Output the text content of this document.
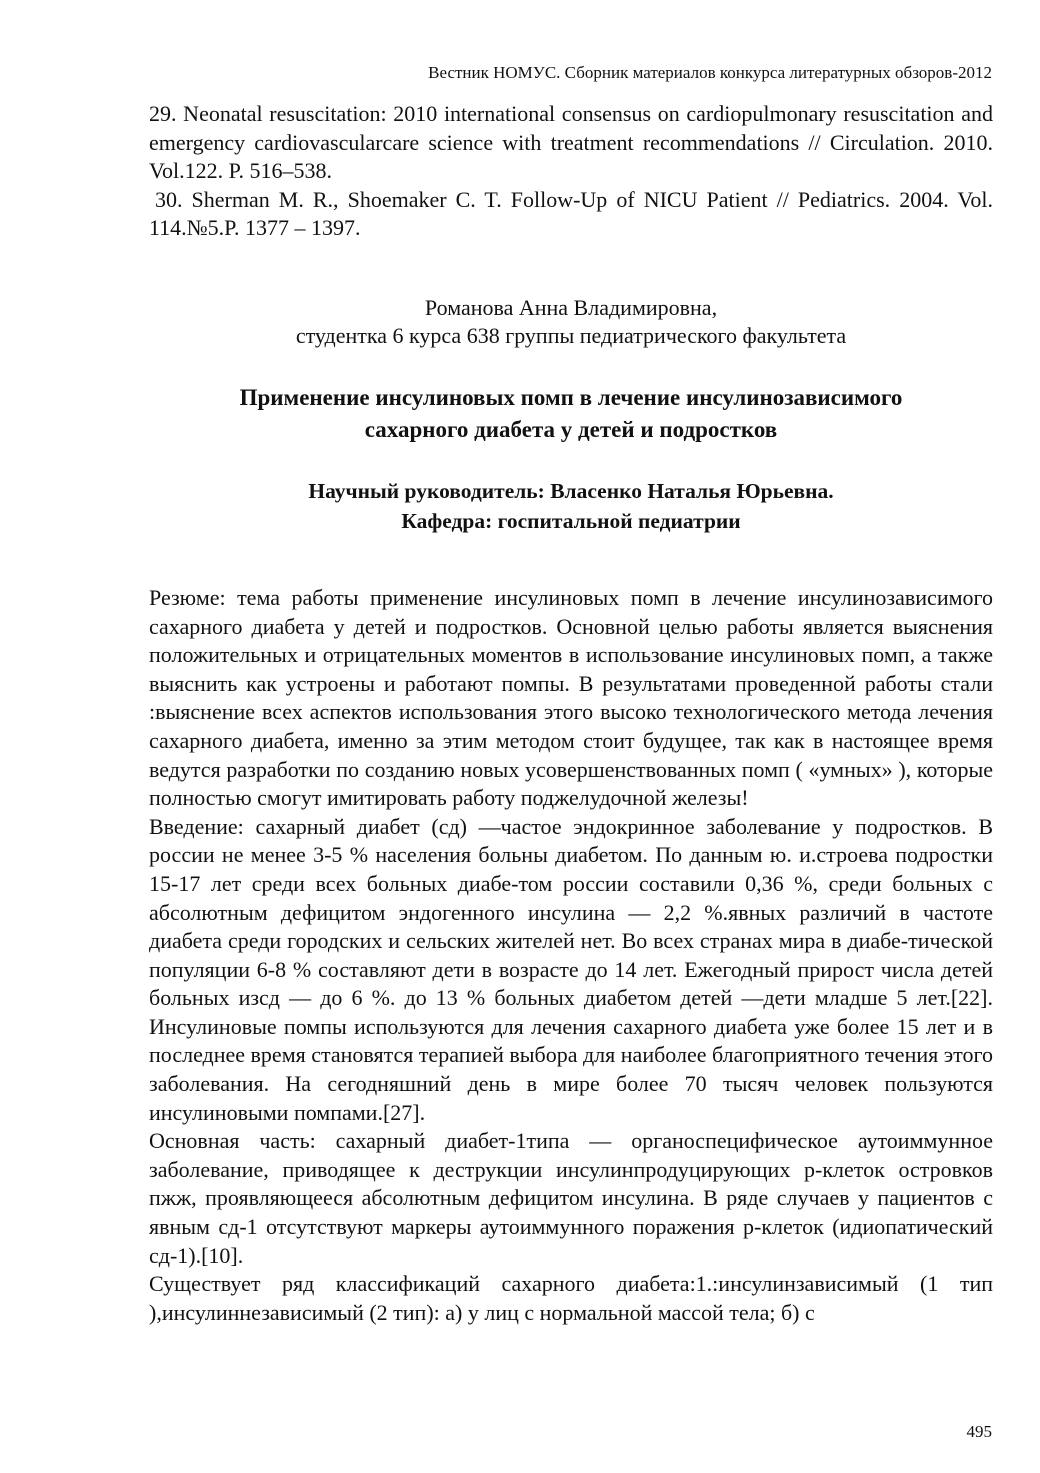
Вестник НОМУС. Сборник материалов конкурса литературных обзоров-2012

29. Neonatal resuscitation: 2010 international consensus on cardiopulmonary resuscitation and emergency cardiovascularcare science with treatment recommendations // Circulation. 2010. Vol.122. P. 516–538.

30. Sherman M. R., Shoemaker C. T. Follow-Up of NICU Patient // Pediatrics. 2004. Vol. 114.№5.P. 1377 – 1397.

Романова Анна Владимировна,
студентка 6 курса 638 группы педиатрического факультета
Применение инсулиновых помп в лечение инсулинозависимого
сахарного диабета у детей и подростков
Научный руководитель: Власенко Наталья Юрьевна.
Кафедра: госпитальной педиатрии

Резюме: тема работы применение инсулиновых помп в лечение инсулинозависимого сахарного диабета у детей и подростков. Основной целью работы является выяснения положительных и отрицательных моментов в использование инсулиновых помп, а также выяснить как устроены и работают помпы. В результатами проведенной работы стали :выяснение всех аспектов использования этого высоко технологического метода лечения сахарного диабета, именно за этим методом стоит будущее, так как в настоящее время ведутся разработки по созданию новых усовершенствованных помп ( «умных» ), которые полностью смогут имитировать работу поджелудочной железы!

Введение: сахарный диабет (сд) —частое эндокринное заболевание у подростков. В россии не менее 3-5 % населения больны диабетом. По данным ю. и.строева подростки 15-17 лет среди всех больных диабе-том россии составили 0,36 %, среди больных с абсолютным дефицитом эндогенного инсулина — 2,2 %.явных различий в частоте диабета среди городских и сельских жителей нет. Во всех странах мира в диабе-тической популяции 6-8 % составляют дети в возрасте до 14 лет. Ежегодный прирост числа детей больных изсд — до 6 %. до 13 % больных диабетом детей —дети младше 5 лет.[22]. Инсулиновые помпы используются для лечения сахарного диабета уже более 15 лет и в последнее время становятся терапией выбора для наиболее благоприятного течения этого заболевания. На сегодняшний день в мире более 70 тысяч человек пользуются инсулиновыми помпами.[27].

Основная часть: сахарный диабет-1типа — органоспецифическое аутоиммунное заболевание, приводящее к деструкции инсулинпродуцирующих р-клеток островков пжж, проявляющееся абсолютным дефицитом инсулина. В ряде случаев у пациентов с явным сд-1 отсутствуют маркеры аутоиммунного поражения р-клеток (идиопатический сд-1).[10].

Существует ряд классификаций сахарного диабета:1.:инсулинзависимый (1 тип ),инсулиннезависимый (2 тип): а) у лиц с нормальной массой тела; б) с

495
